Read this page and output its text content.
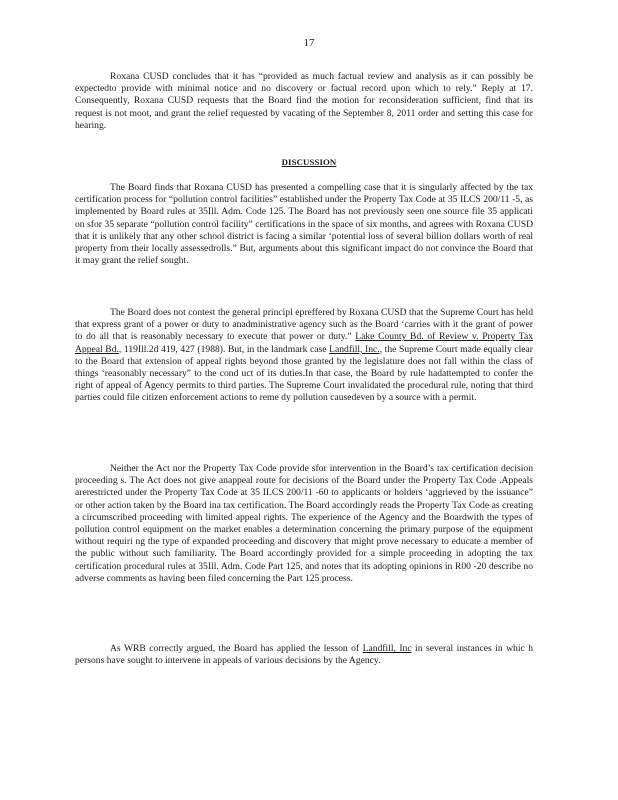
17

Roxana CUSD concludes that it has “provided as much factual review and analysis as it can possibly be expectedto provide with minimal notice and no discovery or factual record upon which to rely.” Reply at 17. Consequently, Roxana CUSD requests that the Board find the motion for reconsideration sufficient, find that its request is not moot, and grant the relief requested by vacating of the September 8, 2011 order and setting this case for hearing.

DISCUSSION

The Board finds that Roxana CUSD has presented a compelling case that it is singularly affected by the tax certification process for “pollution control facilities” established under the Property Tax Code at 35 ILCS 200/11 -5, as implemented by Board rules at 35Ill. Adm. Code 125. The Board has not previously seen one source file 35 applicati on sfor 35 separate “pollution control facility” certifications in the space of six months, and agrees with Roxana CUSD that it is unlikely that any other school district is facing a similar ‘potential loss of several billion dollars worth of real property from their locally assessedrolls.” But, arguments about this significant impact do not convince the Board that it may grant the relief sought.

The Board does not contest the general principl epreffered by Roxana CUSD that the Supreme Court has held that express grant of a power or duty to anadministrative agency such as the Board ‘carries with it the grant of power to do all that is reasonably necessary to execute that power or duty.” Lake County Bd. of Review v. Property Tax Appeal Bd., 119Ill.2d 419, 427 (1988). But, in the landmark case Landfill, Inc., the Supreme Court made equally clear to the Board that extension of appeal rights beyond those granted by the legislature does not fall within the class of things ‘reasonably necessary” to the cond uct of its duties.In that case, the Board by rule hadattempted to confer the right of appeal of Agency permits to third parties. The Supreme Court invalidated the procedural rule, noting that third parties could file citizen enforcement actions to reme dy pollution causedeven by a source with a permit.

Neither the Act nor the Property Tax Code provide sfor intervention in the Board’s tax certification decision proceeding s. The Act does not give anappeal route for decisions of the Board under the Property Tax Code .Appeals arerestricted under the Property Tax Code at 35 ILCS 200/11 -60 to applicants or holders ‘aggrieved by the issuance” or other action taken by the Board ina tax certification. The Board accordingly reads the Property Tax Code as creating a circumscribed proceeding with limited appeal rights. The experience of the Agency and the Boardwith the types of pollution control equipment on the market enables a determination concerning the primary purpose of the equipment without requiri ng the type of expanded proceeding and discovery that might prove necessary to educate a member of the public without such familiarity. The Board accordingly provided for a simple proceeding in adopting the tax certification procedural rules at 35Ill. Adm. Code Part 125, and notes that its adopting opinions in R00 -20 describe no adverse comments as having been filed concerning the Part 125 process.

As WRB correctly argued, the Board has applied the lesson of Landfill, Inc in several instances in whic h persons have sought to intervene in appeals of various decisions by the Agency.
